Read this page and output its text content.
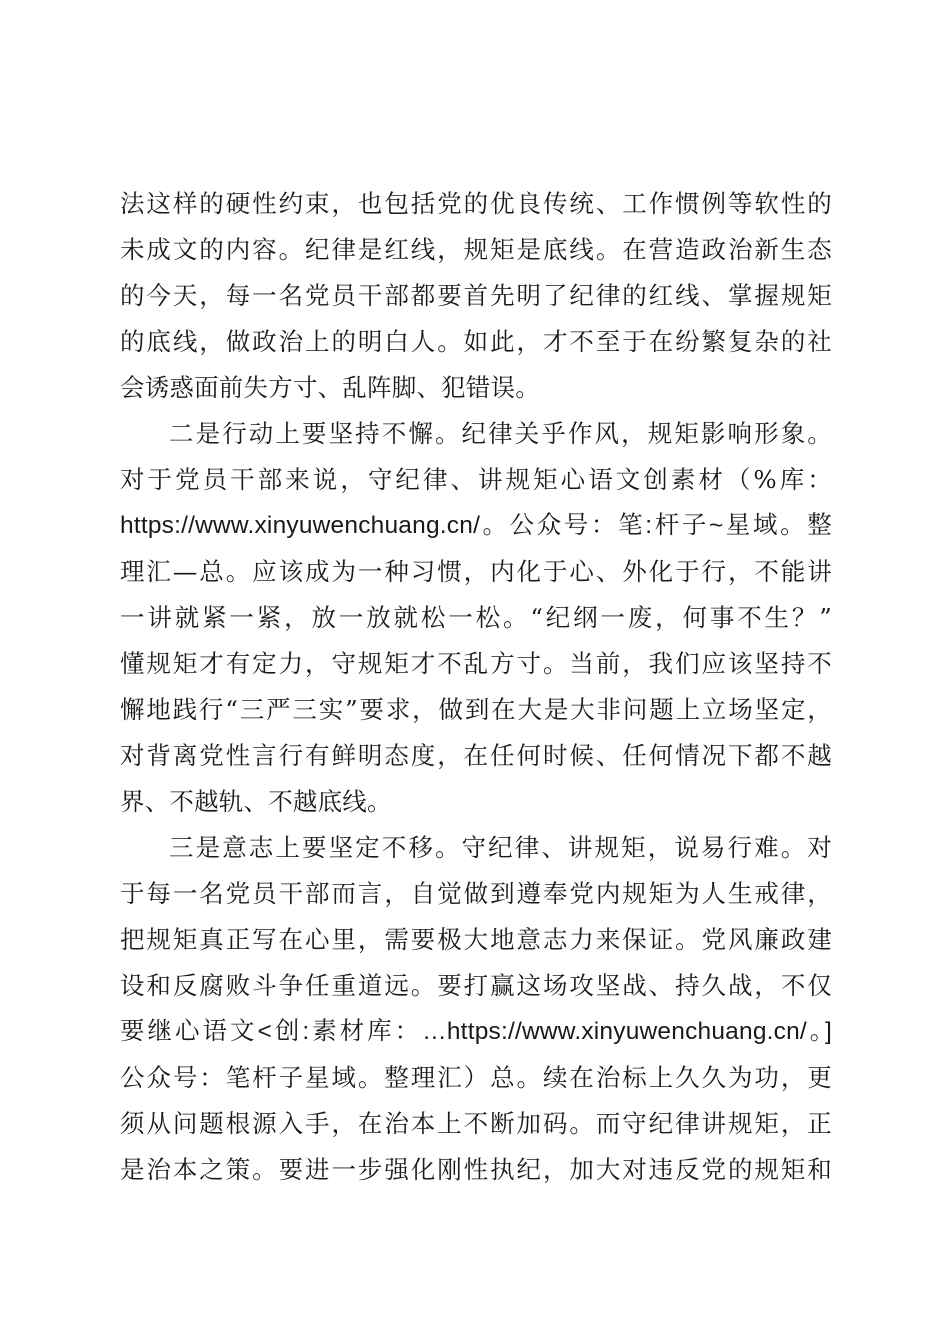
法这样的硬性约束，也包括党的优良传统、工作惯例等软性的
未成文的内容。纪律是红线，规矩是底线。在营造政治新生态
的今天，每一名党员干部都要首先明了纪律的红线、掌握规矩
的底线，做政治上的明白人。如此，才不至于在纷繁复杂的社
会诱惑面前失方寸、乱阵脚、犯错误。
二是行动上要坚持不懈。纪律关乎作风，规矩影响形象。
对于党员干部来说，守纪律、讲规矩心语文创素材（%库：
https://www.xinyuwenchuang.cn/。公众号：笔:杆子~星域。整
理汇—总。应该成为一种习惯，内化于心、外化于行，不能讲
一讲就紧一紧，放一放就松一松。“纪纲一废，何事不生？”
懂规矩才有定力，守规矩才不乱方寸。当前，我们应该坚持不
懈地践行“三严三实”要求，做到在大是大非问题上立场坚定，
对背离党性言行有鲜明态度，在任何时候、任何情况下都不越
界、不越轨、不越底线。
三是意志上要坚定不移。守纪律、讲规矩，说易行难。对
于每一名党员干部而言，自觉做到遵奉党内规矩为人生戒律，
把规矩真正写在心里，需要极大地意志力来保证。党风廉政建
设和反腐败斗争任重道远。要打赢这场攻坚战、持久战，不仅
要继心语文<创:素材库：…https://www.xinyuwenchuang.cn/。]
公众号：笔杆子星域。整理汇）总。续在治标上久久为功，更
须从问题根源入手，在治本上不断加码。而守纪律讲规矩，正
是治本之策。要进一步强化刚性执纪，加大对违反党的规矩和
